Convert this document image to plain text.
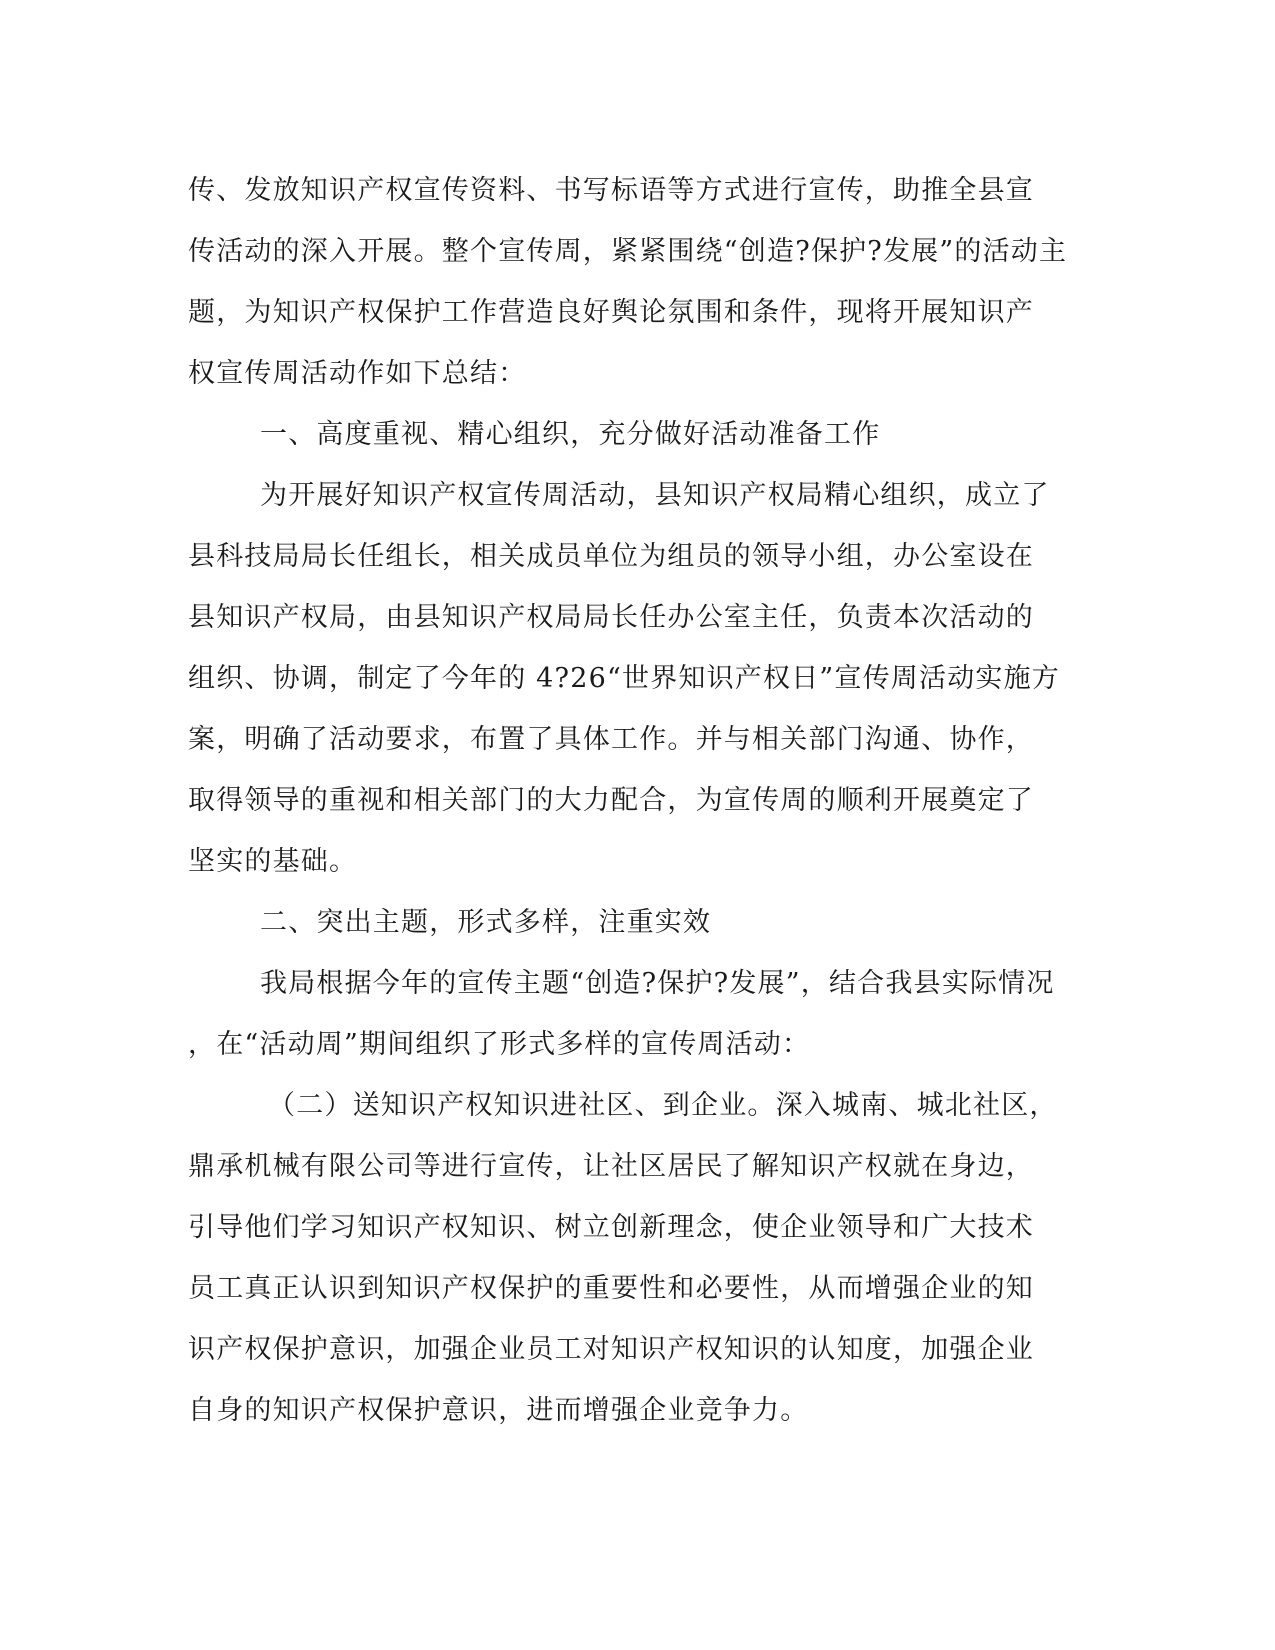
传、发放知识产权宣传资料、书写标语等方式进行宣传，助推全县宣
传活动的深入开展。整个宣传周，紧紧围绕“创造?保护?发展”的活动主
题，为知识产权保护工作营造良好舆论氛围和条件，现将开展知识产
权宣传周活动作如下总结：
一、高度重视、精心组织，充分做好活动准备工作
为开展好知识产权宣传周活动，县知识产权局精心组织，成立了
县科技局局长任组长，相关成员单位为组员的领导小组，办公室设在
县知识产权局，由县知识产权局局长任办公室主任，负责本次活动的
组织、协调，制定了今年的 4?26“世界知识产权日”宣传周活动实施方
案，明确了活动要求，布置了具体工作。并与相关部门沟通、协作，
取得领导的重视和相关部门的大力配合，为宣传周的顺利开展奠定了
坚实的基础。
二、突出主题，形式多样，注重实效
我局根据今年的宣传主题“创造?保护?发展”，结合我县实际情况
，在“活动周”期间组织了形式多样的宣传周活动：
（二）送知识产权知识进社区、到企业。深入城南、城北社区，
鼎承机械有限公司等进行宣传，让社区居民了解知识产权就在身边，
引导他们学习知识产权知识、树立创新理念，使企业领导和广大技术
员工真正认识到知识产权保护的重要性和必要性，从而增强企业的知
识产权保护意识，加强企业员工对知识产权知识的认知度，加强企业
自身的知识产权保护意识，进而增强企业竞争力。
